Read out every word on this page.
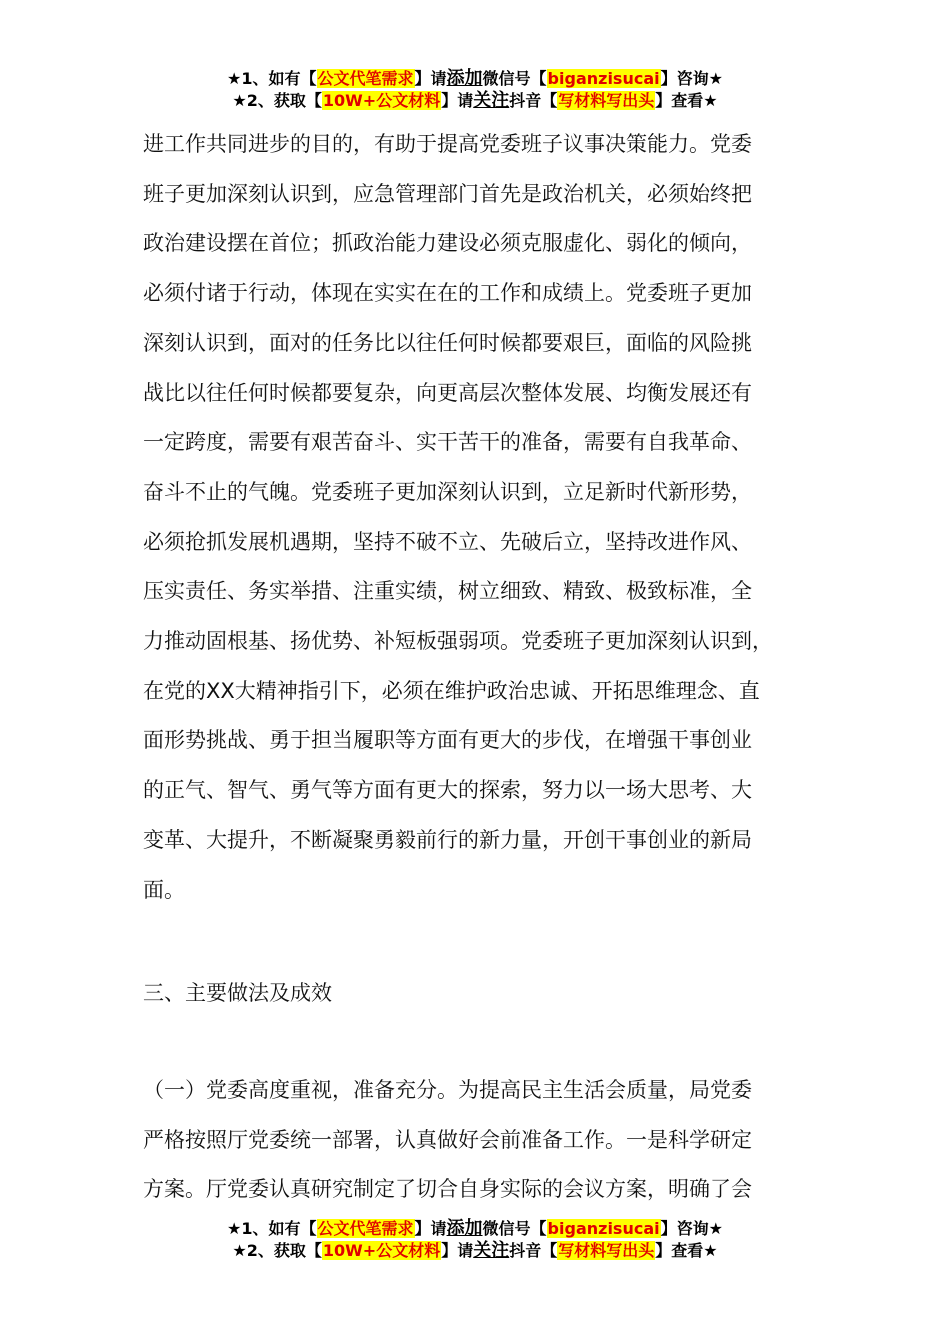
★1、如有【公文代笔需求】请添加微信号【biganzisucai】咨询★
★2、获取【10W+公文材料】请关注抖音【写材料写出头】查看★

进工作共同进步的目的，有助于提高党委班子议事决策能力。党委
班子更加深刻认识到，应急管理部门首先是政治机关，必须始终把
政治建设摆在首位；抓政治能力建设必须克服虚化、弱化的倾向，
必须付诸于行动，体现在实实在在的工作和成绩上。党委班子更加
深刻认识到，面对的任务比以往任何时候都要艰巨，面临的风险挑
战比以往任何时候都要复杂，向更高层次整体发展、均衡发展还有
一定跨度，需要有艰苦奋斗、实干苦干的准备，需要有自我革命、
奋斗不止的气魄。党委班子更加深刻认识到，立足新时代新形势，
必须抢抓发展机遇期，坚持不破不立、先破后立，坚持改进作风、
压实责任、务实举措、注重实绩，树立细致、精致、极致标准，全
力推动固根基、扬优势、补短板强弱项。党委班子更加深刻认识到，
在党的XX大精神指引下，必须在维护政治忠诚、开拓思维理念、直
面形势挑战、勇于担当履职等方面有更大的步伐，在增强干事创业
的正气、智气、勇气等方面有更大的探索，努力以一场大思考、大
变革、大提升，不断凝聚勇毅前行的新力量，开创干事创业的新局
面。

三、主要做法及成效

（一）党委高度重视，准备充分。为提高民主生活会质量，局党委
严格按照厅党委统一部署，认真做好会前准备工作。一是科学研定
方案。厅党委认真研究制定了切合自身实际的会议方案，明确了会

★1、如有【公文代笔需求】请添加微信号【biganzisucai】咨询★
★2、获取【10W+公文材料】请关注抖音【写材料写出头】查看★
